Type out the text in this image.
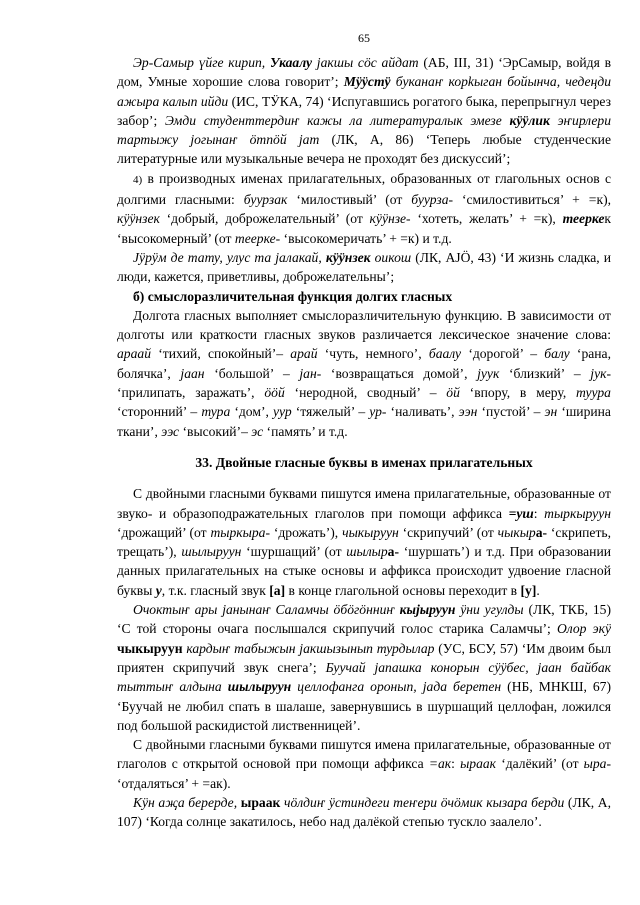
65

Эр-Самыр үйге кирип, Укаалу jакшы сӧс айдат (АБ, III, 31) ‘ЭрСамыр, войдя в дом, Умные хорошие слова говорит’; Мӱӱстӱ буканаҥ корkыган бойынча, чедеңди ажыра калып ийди (ИС, ТӰКА, 74) ‘Испугавшись рогатого быка, перепрыгнул через забор’; Эмди студенттердиҥ кажы ла литературалык эмезе кӱӱлик эҥирлери тартыжу jогынаҥ ӧтпӧй jат (ЛК, А, 86) ‘Теперь любые студенческие литературные или музыкальные вечера не проходят без дискуссий’;

4) в производных именах прилагательных, образованных от глагольных основ с долгими гласными: буурзак ‘милостивый’ (от буурза- ‘смилостивиться’ + =к), кӱӱнзек ‘добрый, доброжелательный’ (от кӱӱнзе- ‘хотеть, желать’ + =к), тееркек ‘высокомерный’ (от теерке- ‘высокомеричать’ + =к) и т.д.

Јӱрӱм де тату, улус та jалакай, кӱӱнзек оикош (ЛК, АЈӦ, 43) ‘И жизнь сладка, и люди, кажется, приветливы, доброжелательны’;

б) смыслоразличительная функция долгих гласных

Долгота гласных выполняет смыслоразличительную функцию. В зависимости от долготы или краткости гласных звуков различается лексическое значение слова: араай ‘тихий, спокойный’– арай ‘чуть, немного’, баалу ‘дорогой’ – балу ‘рана, болячка’, jаан ‘большой’ – jан- ‘возвращаться домой’, jуук ‘близкий’ – jук- ‘прилипать, заражать’, ӧӧй ‘неродной, сводный’ – ӧй ‘впору, в меру, туура ‘сторонний’ – тура ‘дом’, уур ‘тяжелый’ – ур- ‘наливать’, ээн ‘пустой’ – эн ‘ширина ткани’, ээс ‘высокий’– эс ‘память’ и т.д.

33. Двойные гласные буквы в именах прилагательных

С двойными гласными буквами пишутся имена прилагательные, образованные от звуко- и образоподражательных глаголов при помощи аффикса =уш: тыркыруун ‘дрожащий’ (от тыркыра- ‘дрожать’), чыкыруун ‘скрипучий’ (от чыкыра- ‘скрипеть, трещать’), шылыруун ‘шуршащий’ (от шылыра- ‘шуршать’) и т.д. При образовании данных прилагательных на стыке основы и аффикса происходит удвоение гласной буквы у, т.к. гласный звук [а] в конце глагольной основы переходит в [у].

Очоктыҥ ары jанынаҥ Саламчы ӧбӧгӧнниҥ кыjыруун ӱни угулды (ЛК, ТКБ, 15) ‘С той стороны очага послышался скрипучий голос старика Саламчы’; Олор экӱ чыкыруун кардыҥ табыжын jакшызынып турдылар (УС, БСУ, 57) ‘Им двоим был приятен скрипучий звук снега’; Буучай jапашка конорын сӱӱбес, jаан байбак тыттыҥ алдына шылыруун целлофанга оронып, jада беретен (НБ, МНКШ, 67) ‘Буучай не любил спать в шалаше, завернувшись в шуршащий целлофан, ложился под большой раскидистой лиственницей’.

С двойными гласными буквами пишутся имена прилагательные, образованные от глаголов с открытой основой при помощи аффикса =ак: ыраак ‘далёкий’ (от ыра- ‘отдаляться’ + =ак).

Кӱн аҗа берерде, ыраак чӧлдиҥ ӱстиндеги теҥери ӧчӧмик кызара берди (ЛК, А, 107) ‘Когда солнце закатилось, небо над далёкой степью тускло заалело’.
